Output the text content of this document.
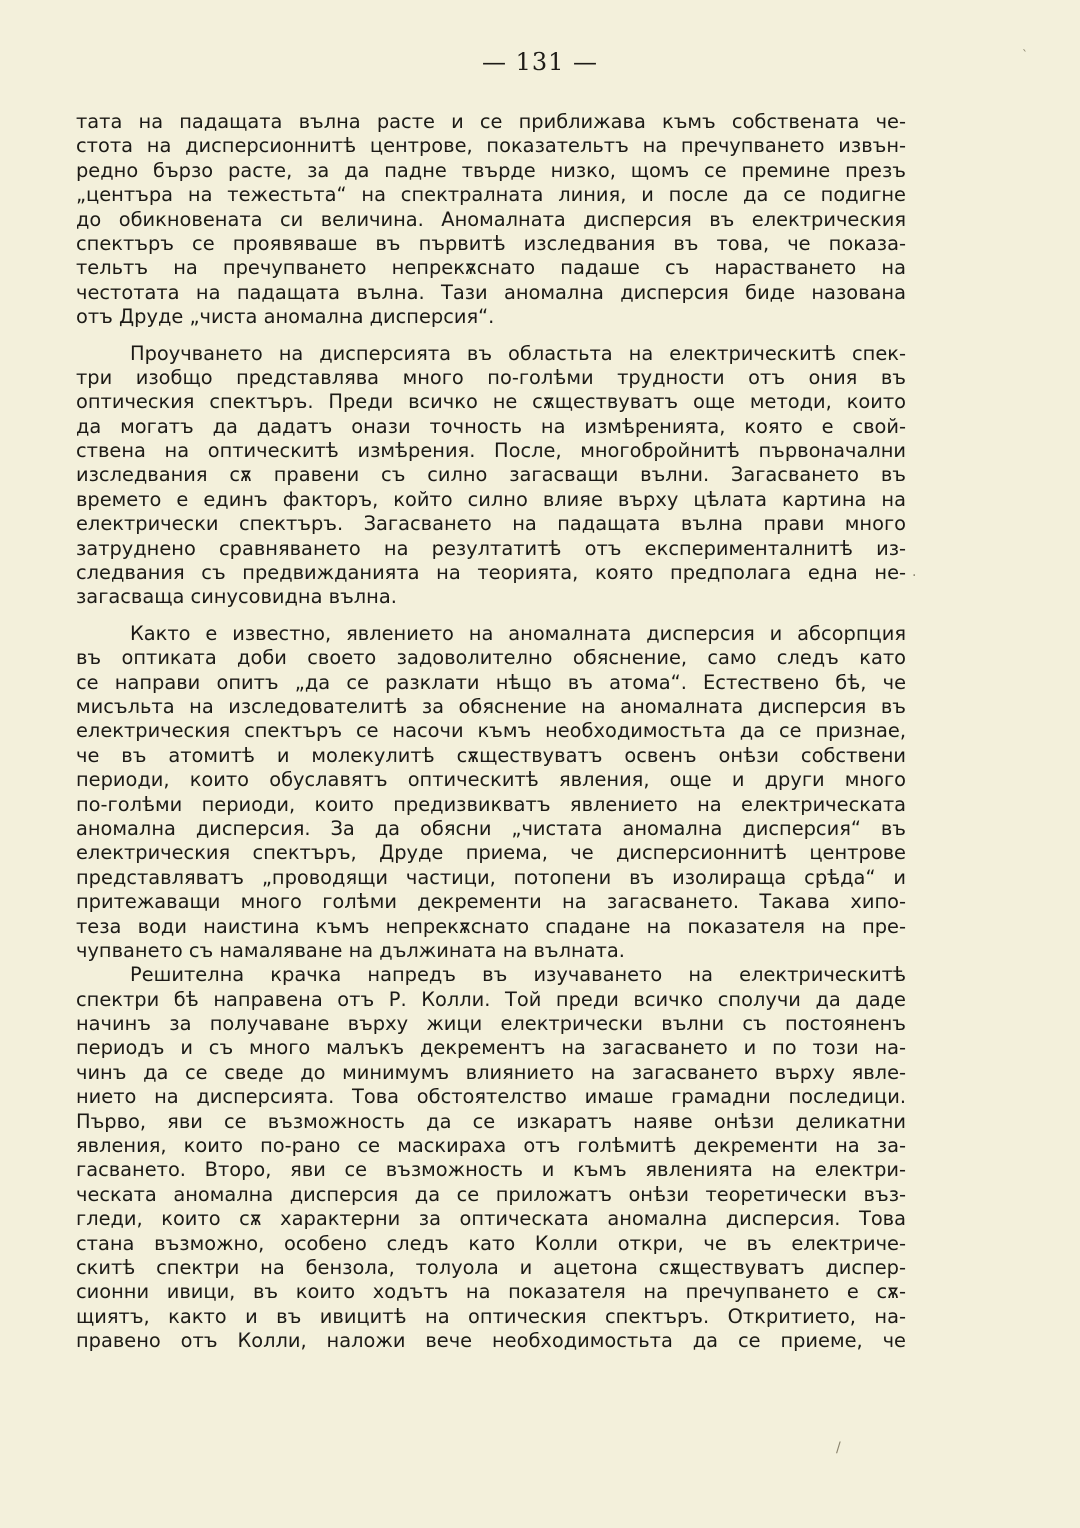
— 131 —
тата на падащата вълна расте и се приближава къмъ собствената че-
стота на дисперсионнитѣ центрове, показательтъ на пречупването извън-
редно бързо расте, за да падне твърде низко, щомъ се премине презъ
„центъра на тежестьта“ на спектралната линия, и после да се подигне
до обикновената си величина. Аномалната дисперсия въ електрическия
спектъръ се проявяваше въ първитѣ изследвания въ това, че показа-
тельтъ на пречупването непрекѫснато падаше съ нарастването на
честотата на падащата вълна. Тази аномална дисперсия биде назована
отъ Друде „чиста аномална дисперсия“.
Проучването на дисперсията въ областьта на електрическитѣ спек-
три изобщо представлява много по-голѣми трудности отъ ония въ
оптическия спектъръ. Преди всичко не сѫществуватъ още методи, които
да могатъ да дадатъ онази точность на измѣренията, която е свой-
ствена на оптическитѣ измѣрения. После, многобройнитѣ първоначални
изследвания сѫ правени съ силно загасващи вълни. Загасването въ
времето е единъ факторъ, който силно влияе върху цѣлата картина на
електрически спектъръ. Загасването на падащата вълна прави много
затруднено сравняването на резултатитѣ отъ експерименталнитѣ из-
следвания съ предвижданията на теорията, която предполага една не-
загасваща синусовидна вълна.
Както е известно, явлението на аномалната дисперсия и абсорпция
въ оптиката доби своето задоволително обяснение, само следъ като
се направи опитъ „да се разклати нѣщо въ атома“. Естествено бѣ, че
мисъльта на изследователитѣ за обяснение на аномалната дисперсия въ
електрическия спектъръ се насочи къмъ необходимостьта да се признае,
че въ атомитѣ и молекулитѣ сѫществуватъ освенъ онѣзи собствени
периоди, които обуславятъ оптическитѣ явления, още и други много
по-голѣми периоди, които предизвикватъ явлението на електрическата
аномална дисперсия. За да обясни „чистата аномална дисперсия“ въ
електрическия спектъръ, Друде приема, че дисперсионнитѣ центрове
представляватъ „проводящи частици, потопени въ изолираща срѣда“ и
притежаващи много голѣми декременти на загасването. Такава хипо-
теза води наистина къмъ непрекѫснато спадане на показателя на пре-
чупването съ намаляване на дължината на вълната.
Решителна крачка напредъ въ изучаването на електрическитѣ
спектри бѣ направена отъ Р. Колли. Той преди всичко сполучи да даде
начинъ за получаване върху жици електрически вълни съ постояненъ
периодъ и съ много малъкъ декрементъ на загасването и по този на-
чинъ да се сведе до минимумъ влиянието на загасването върху явле-
нието на дисперсията. Това обстоятелство имаше грамадни последици.
Първо, яви се възможность да се изкаратъ наяве онѣзи деликатни
явления, които по-рано се маскираха отъ голѣмитѣ декременти на за-
гасването. Второ, яви се възможность и къмъ явленията на електри-
ческата аномална дисперсия да се приложатъ онѣзи теоретически въз-
гледи, които сѫ характерни за оптическата аномална дисперсия. Това
стана възможно, особено следъ като Колли откри, че въ електриче-
скитѣ спектри на бензола, толуола и ацетона сѫществуватъ диспер-
сионни ивици, въ които ходътъ на показателя на пречупването е сѫ-
щиятъ, както и въ ивицитѣ на оптическия спектъръ. Откритието, на-
правено отъ Колли, наложи вече необходимостьта да се приеме, че
ˋ
·
/
